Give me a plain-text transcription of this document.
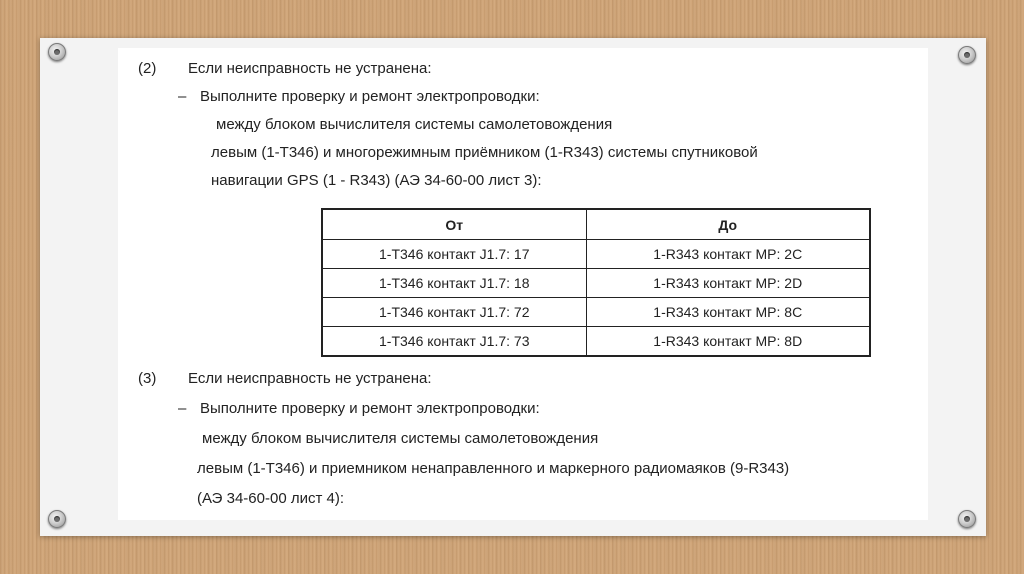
(2) Если неисправность не устранена:
– Выполните проверку и ремонт электропроводки:
между блоком вычислителя системы самолетовождения
левым (1-Т346) и многорежимным приёмником (1-R343) системы спутниковой
навигации GPS (1 - R343) (АЭ 34-60-00 лист 3):
От	До
1-Т346 контакт J1.7: 17	1-R343 контакт MP: 2C
1-Т346 контакт J1.7: 18	1-R343 контакт MP: 2D
1-Т346 контакт J1.7: 72	1-R343 контакт MP: 8C
1-Т346 контакт J1.7: 73	1-R343 контакт MP: 8D
(3) Если неисправность не устранена:
– Выполните проверку и ремонт электропроводки:
между блоком вычислителя системы самолетовождения
левым (1-Т346) и приемником ненаправленного и маркерного радиомаяков (9-R343)
(АЭ 34-60-00 лист 4):
